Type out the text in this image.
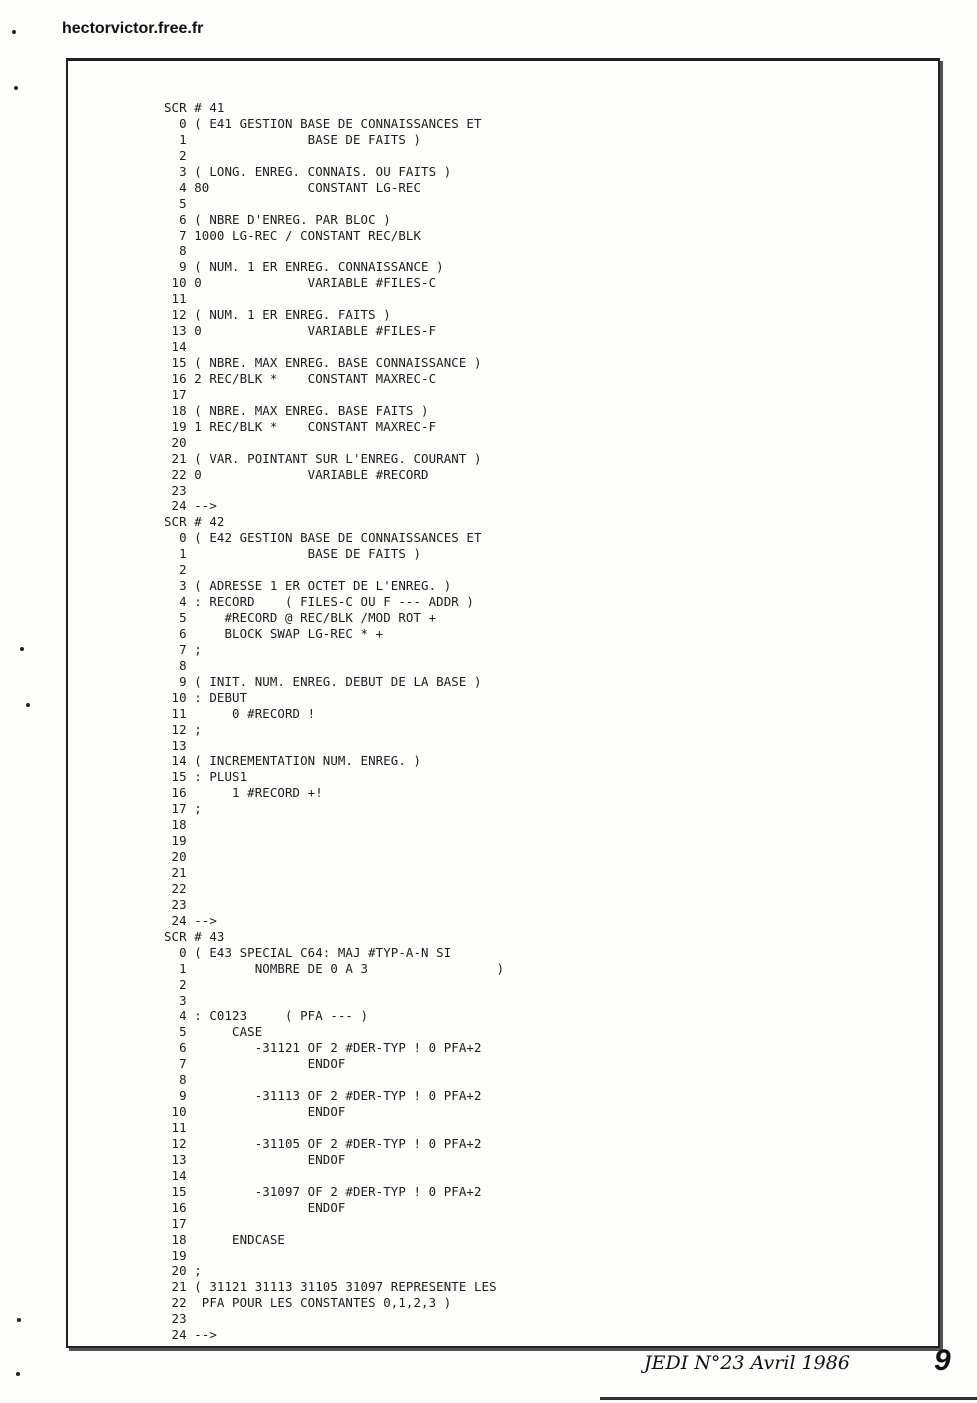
hectorvictor.free.fr
SCR # 41
0 ( E41 GESTION BASE DE CONNAISSANCES ET
1                BASE DE FAITS )
2
3 ( LONG. ENREG. CONNAIS. OU FAITS )
4 80             CONSTANT LG-REC
5
6 ( NBRE D'ENREG. PAR BLOC )
7 1000 LG-REC / CONSTANT REC/BLK
8
9 ( NUM. 1 ER ENREG. CONNAISSANCE )
10 0              VARIABLE #FILES-C
11
12 ( NUM. 1 ER ENREG. FAITS )
13 0              VARIABLE #FILES-F
14
15 ( NBRE. MAX ENREG. BASE CONNAISSANCE )
16 2 REC/BLK *    CONSTANT MAXREC-C
17
18 ( NBRE. MAX ENREG. BASE FAITS )
19 1 REC/BLK *    CONSTANT MAXREC-F
20
21 ( VAR. POINTANT SUR L'ENREG. COURANT )
22 0              VARIABLE #RECORD
23
24 -->
SCR # 42
0 ( E42 GESTION BASE DE CONNAISSANCES ET
1                BASE DE FAITS )
2
3 ( ADRESSE 1 ER OCTET DE L'ENREG. )
4 : RECORD    ( FILES-C OU F --- ADDR )
5     #RECORD @ REC/BLK /MOD ROT +
6     BLOCK SWAP LG-REC * +
7 ;
8
9 ( INIT. NUM. ENREG. DEBUT DE LA BASE )
10 : DEBUT
11      0 #RECORD !
12 ;
13
14 ( INCREMENTATION NUM. ENREG. )
15 : PLUS1
16      1 #RECORD +!
17 ;
18
19
20
21
22
23
24 -->
SCR # 43
0 ( E43 SPECIAL C64: MAJ #TYP-A-N SI
1         NOMBRE DE 0 A 3                 )
2
3
4 : C0123     ( PFA --- )
5      CASE
6         -31121 OF 2 #DER-TYP ! 0 PFA+2
7                ENDOF
8
9         -31113 OF 2 #DER-TYP ! 0 PFA+2
10                ENDOF
11
12         -31105 OF 2 #DER-TYP ! 0 PFA+2
13                ENDOF
14
15         -31097 OF 2 #DER-TYP ! 0 PFA+2
16                ENDOF
17
18      ENDCASE
19
20 ;
21 ( 31121 31113 31105 31097 REPRESENTE LES
22  PFA POUR LES CONSTANTES 0,1,2,3 )
23
24 -->
JEDI N°23 Avril 1986	9
